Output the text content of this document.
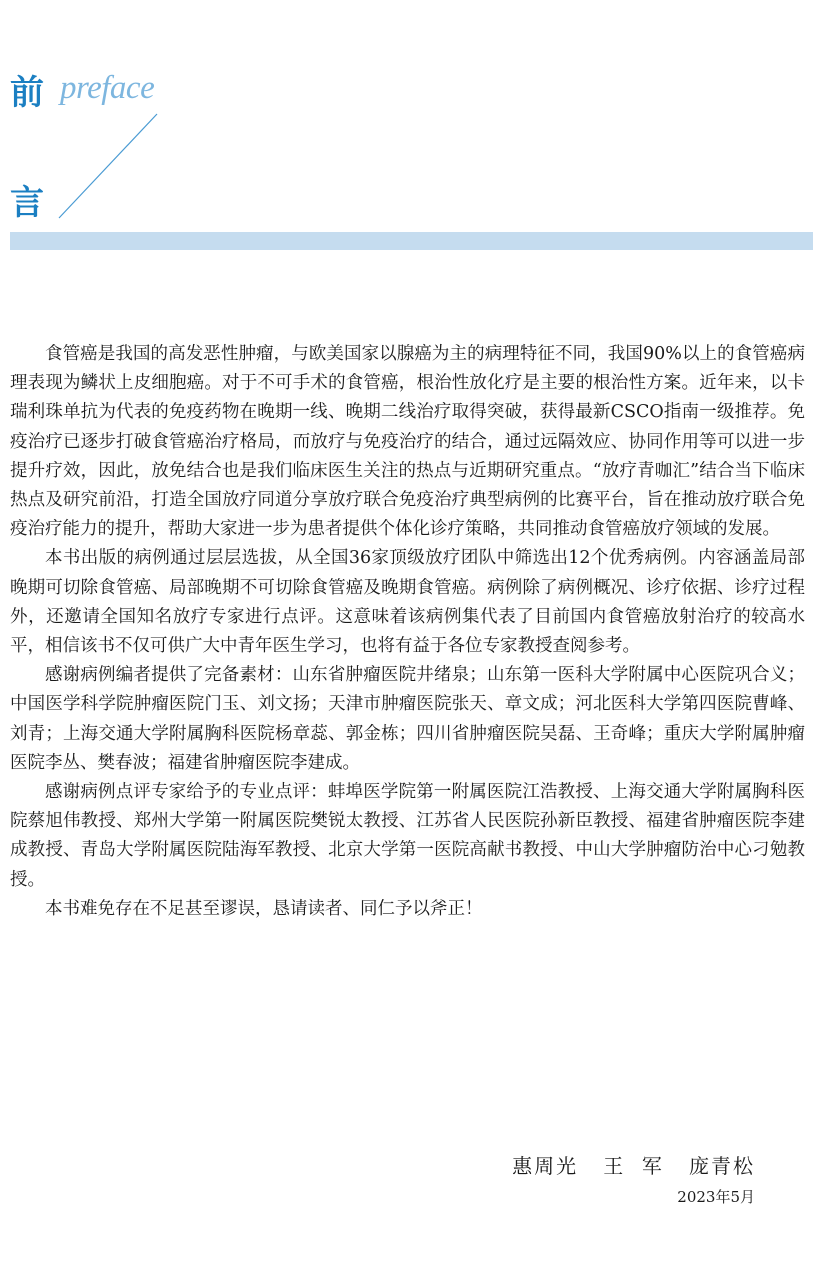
前 preface
言

食管癌是我国的高发恶性肿瘤，与欧美国家以腺癌为主的病理特征不同，我国90%以上的食管癌病理表现为鳞状上皮细胞癌。对于不可手术的食管癌，根治性放化疗是主要的根治性方案。近年来，以卡瑞利珠单抗为代表的免疫药物在晚期一线、晚期二线治疗取得突破，获得最新CSCO指南一级推荐。免疫治疗已逐步打破食管癌治疗格局，而放疗与免疫治疗的结合，通过远隔效应、协同作用等可以进一步提升疗效，因此，放免结合也是我们临床医生关注的热点与近期研究重点。“放疗青咖汇”结合当下临床热点及研究前沿，打造全国放疗同道分享放疗联合免疫治疗典型病例的比赛平台，旨在推动放疗联合免疫治疗能力的提升，帮助大家进一步为患者提供个体化诊疗策略，共同推动食管癌放疗领域的发展。

本书出版的病例通过层层选拔，从全国36家顶级放疗团队中筛选出12个优秀病例。内容涵盖局部晚期可切除食管癌、局部晚期不可切除食管癌及晚期食管癌。病例除了病例概况、诊疗依据、诊疗过程外，还邀请全国知名放疗专家进行点评。这意味着该病例集代表了目前国内食管癌放射治疗的较高水平，相信该书不仅可供广大中青年医生学习，也将有益于各位专家教授查阅参考。

感谢病例编者提供了完备素材：山东省肿瘤医院井绪泉；山东第一医科大学附属中心医院巩合义；中国医学科学院肿瘤医院门玉、刘文扬；天津市肿瘤医院张天、章文成；河北医科大学第四医院曹峰、刘青；上海交通大学附属胸科医院杨章蕊、郭金栋；四川省肿瘤医院吴磊、王奇峰；重庆大学附属肿瘤医院李丛、樊春波；福建省肿瘤医院李建成。

感谢病例点评专家给予的专业点评：蚌埠医学院第一附属医院江浩教授、上海交通大学附属胸科医院蔡旭伟教授、郑州大学第一附属医院樊锐太教授、江苏省人民医院孙新臣教授、福建省肿瘤医院李建成教授、青岛大学附属医院陆海军教授、北京大学第一医院高献书教授、中山大学肿瘤防治中心刁勉教授。

本书难免存在不足甚至谬误，恳请读者、同仁予以斧正！

惠周光   王  军   庞青松
2023年5月
